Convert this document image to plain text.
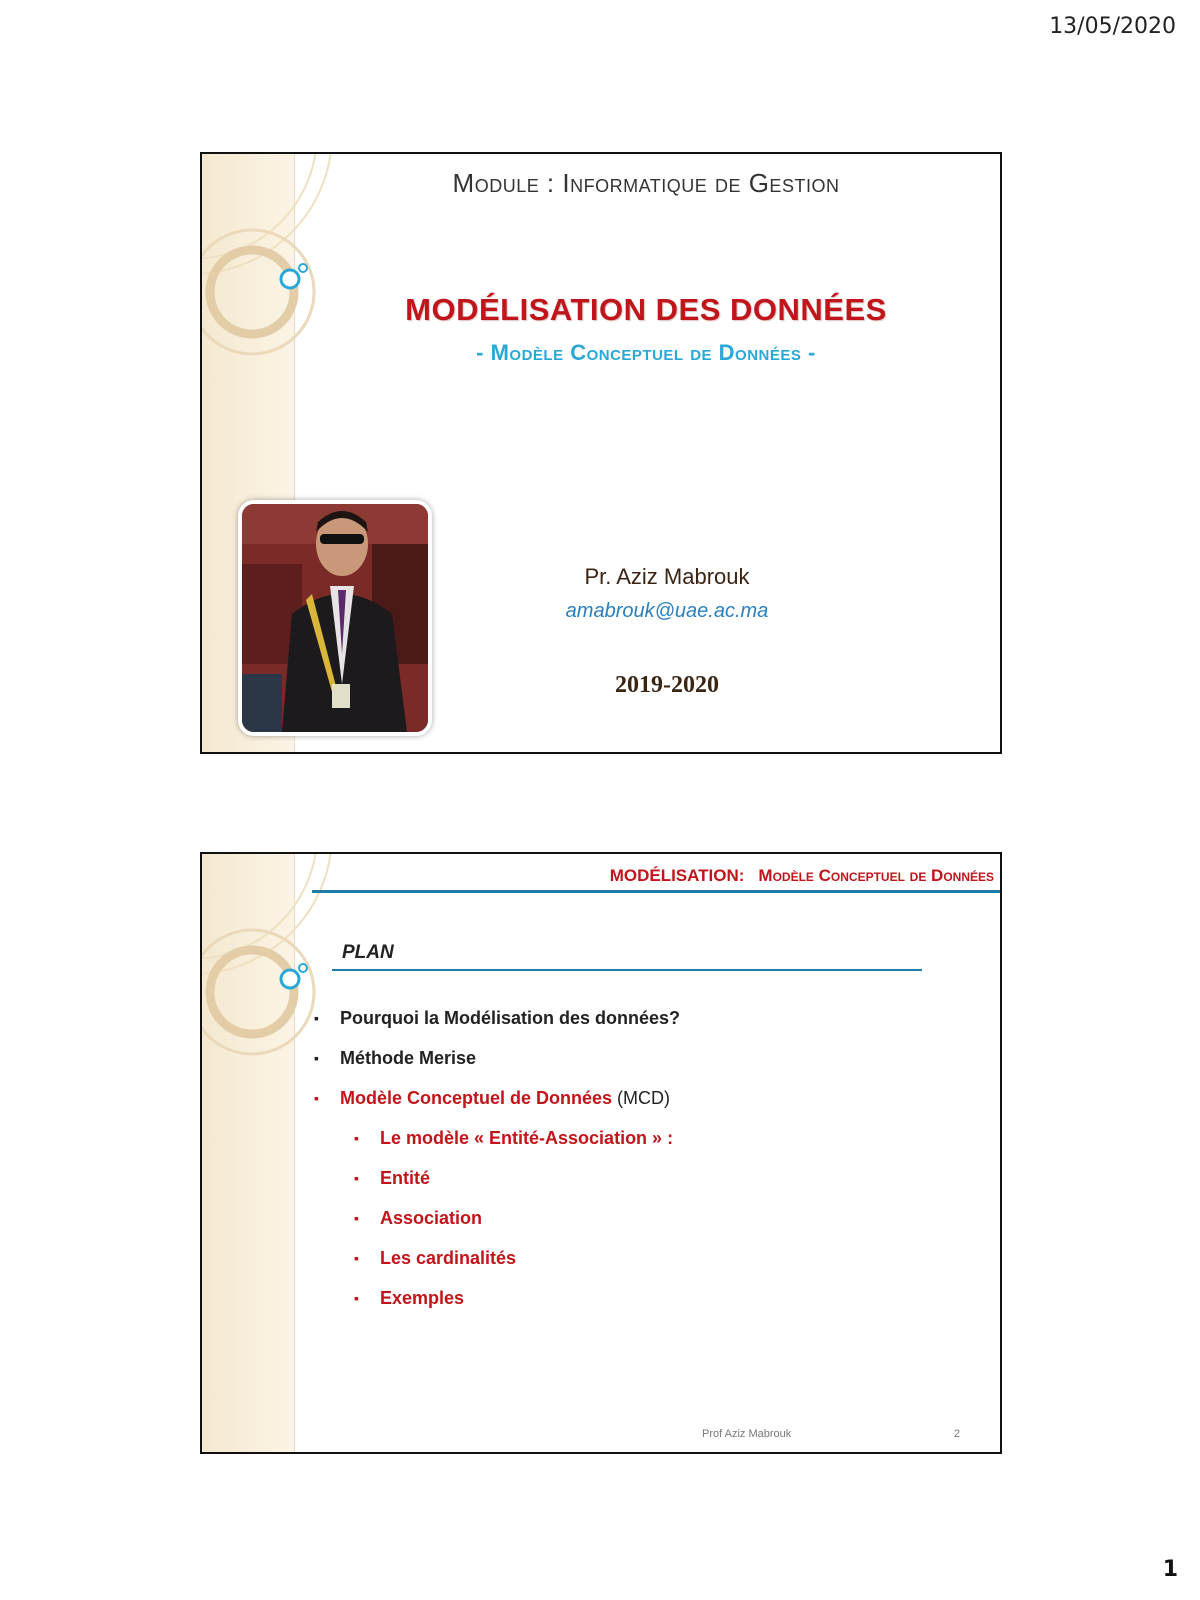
13/05/2020
Module : Informatique de Gestion
MODÉLISATION DES DONNÉES
- Modèle Conceptuel de Données -
Pr. Aziz Mabrouk
amabrouk@uae.ac.ma
2019-2020
MODÉLISATION: Modèle Conceptuel de Données
PLAN
▪ Pourquoi la Modélisation des données?
▪ Méthode Merise
▪ Modèle Conceptuel de Données (MCD)
▪ Le modèle « Entité-Association » :
▪ Entité
▪ Association
▪ Les cardinalités
▪ Exemples
Prof Aziz Mabrouk	2
1
